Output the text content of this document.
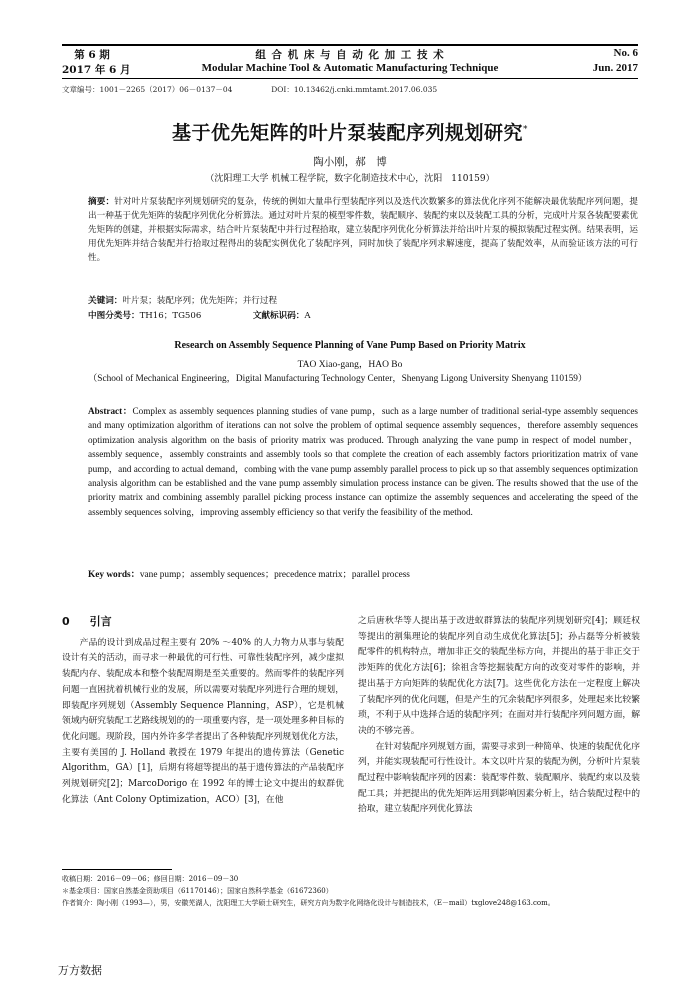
第 6 期
2017 年 6 月
组 合 机 床 与 自 动 化 加 工 技 术
Modular Machine Tool & Automatic Manufacturing Technique
No. 6
Jun. 2017
文章编号：1001－2265（2017）06－0137－04	DOI：10.13462/j.cnki.mmtamt.2017.06.035
基于优先矩阵的叶片泵装配序列规划研究*
陶小刚，郝　博
（沈阳理工大学 机械工程学院，数字化制造技术中心，沈阳　110159）
摘要：针对叶片泵装配序列规划研究的复杂，传统的例如大量串行型装配序列以及迭代次数繁多的算法优化序列不能解决最优装配序列问题，提出一种基于优先矩阵的装配序列优化分析算法。通过对叶片泵的模型零件数，装配顺序、装配约束以及装配工具的分析，完成叶片泵各装配要素优先矩阵的创建，并根据实际需求，结合叶片泵装配中并行过程拾取，建立装配序列优化分析算法并给出叶片泵的模拟装配过程实例。结果表明，运用优先矩阵并结合装配并行拾取过程得出的装配实例优化了装配序列，同时加快了装配序列求解速度，提高了装配效率，从而验证该方法的可行性。
关键词：叶片泵；装配序列；优先矩阵；并行过程
中图分类号：TH16；TG506	文献标识码：A
Research on Assembly Sequence Planning of Vane Pump Based on Priority Matrix
TAO Xiao-gang，HAO Bo
（School of Mechanical Engineering，Digital Manufacturing Technology Center，Shenyang Ligong University Shenyang 110159）
Abstract：Complex as assembly sequences planning studies of vane pump，such as a large number of traditional serial-type assembly sequences and many optimization algorithm of iterations can not solve the problem of optimal sequence assembly sequences，therefore assembly sequences optimization analysis algorithm on the basis of priority matrix was produced. Through analyzing the vane pump in respect of model number，assembly sequence，assembly constraints and assembly tools so that complete the creation of each assembly factors prioritization matrix of vane pump，and according to actual demand，combing with the vane pump assembly parallel process to pick up so that assembly sequences optimization analysis algorithm can be established and the vane pump assembly simulation process instance can be given. The results showed that the use of the priority matrix and combining assembly parallel picking process instance can optimize the assembly sequences and accelerating the speed of the assembly sequences solving，improving assembly efficiency so that verify the feasibility of the method.
Key words：vane pump；assembly sequences；precedence matrix；parallel process
0 引言

产品的设计到成品过程主要有 20% ～40% 的人力物力从事与装配设计有关的活动，而寻求一种最优的可行性、可靠性装配序列，减少虚拟装配内存、装配成本和整个装配周期是至关重要的。然而零件的装配序列问题一直困扰着机械行业的发展，所以需要对装配序列进行合理的规划，即装配序列规划（Assembly Sequence Planning，ASP），它是机械领域内研究装配工艺路线规划的的一项重要内容，是一项处理多种目标的优化问题。现阶段，国内外许多学者提出了各种装配序列规划优化方法，主要有美国的 J. Holland 教授在 1979 年提出的遗传算法（Genetic Algorithm，GA）[1]，后期有将超等提出的基于遗传算法的产品装配序列规划研究[2]；MarcoDorigo 在 1992 年的博士论文中提出的蚁群优化算法（Ant Colony Optimization，ACO）[3]，在他

之后唐秋华等人提出基于改进蚁群算法的装配序列规划研究[4]；顾廷权等提出的割集理论的装配序列自动生成优化算法[5]；孙占磊等分析被装配零件的机构特点，增加非正交的装配坐标方向，并提出的基于非正交于涉矩阵的优化方法[6]；徐祖含等挖掘装配方向的改变对零件的影响，并提出基于方向矩阵的装配优化方法[7]。这些优化方法在一定程度上解决了装配序列的优化问题，但是产生的冗余装配序列很多，处理起来比较繁琐，不利于从中选择合适的装配序列；在面对并行装配序列问题方面，解决的不够完善。

在针对装配序列规划方面，需要寻求到一种简单、快速的装配优化序列，并能实现装配可行性设计。本文以叶片泵的装配为例，分析叶片泵装配过程中影响装配序列的因素：装配零件数、装配顺序、装配约束以及装配工具；并把提出的优先矩阵运用到影响因素分析上，结合装配过程中的拾取，建立装配序列优化算法

收稿日期：2016－09－06；修回日期：2016－09－30
＊基金项目：国家自然基金资助项目（61170146）；国家自然科学基金（61672360）
作者简介：陶小刚（1993—），男，安徽芜湖人，沈阳理工大学硕士研究生，研究方向为数字化网络化设计与制造技术，（E－mail）txglove248@163.com。
万方数据
